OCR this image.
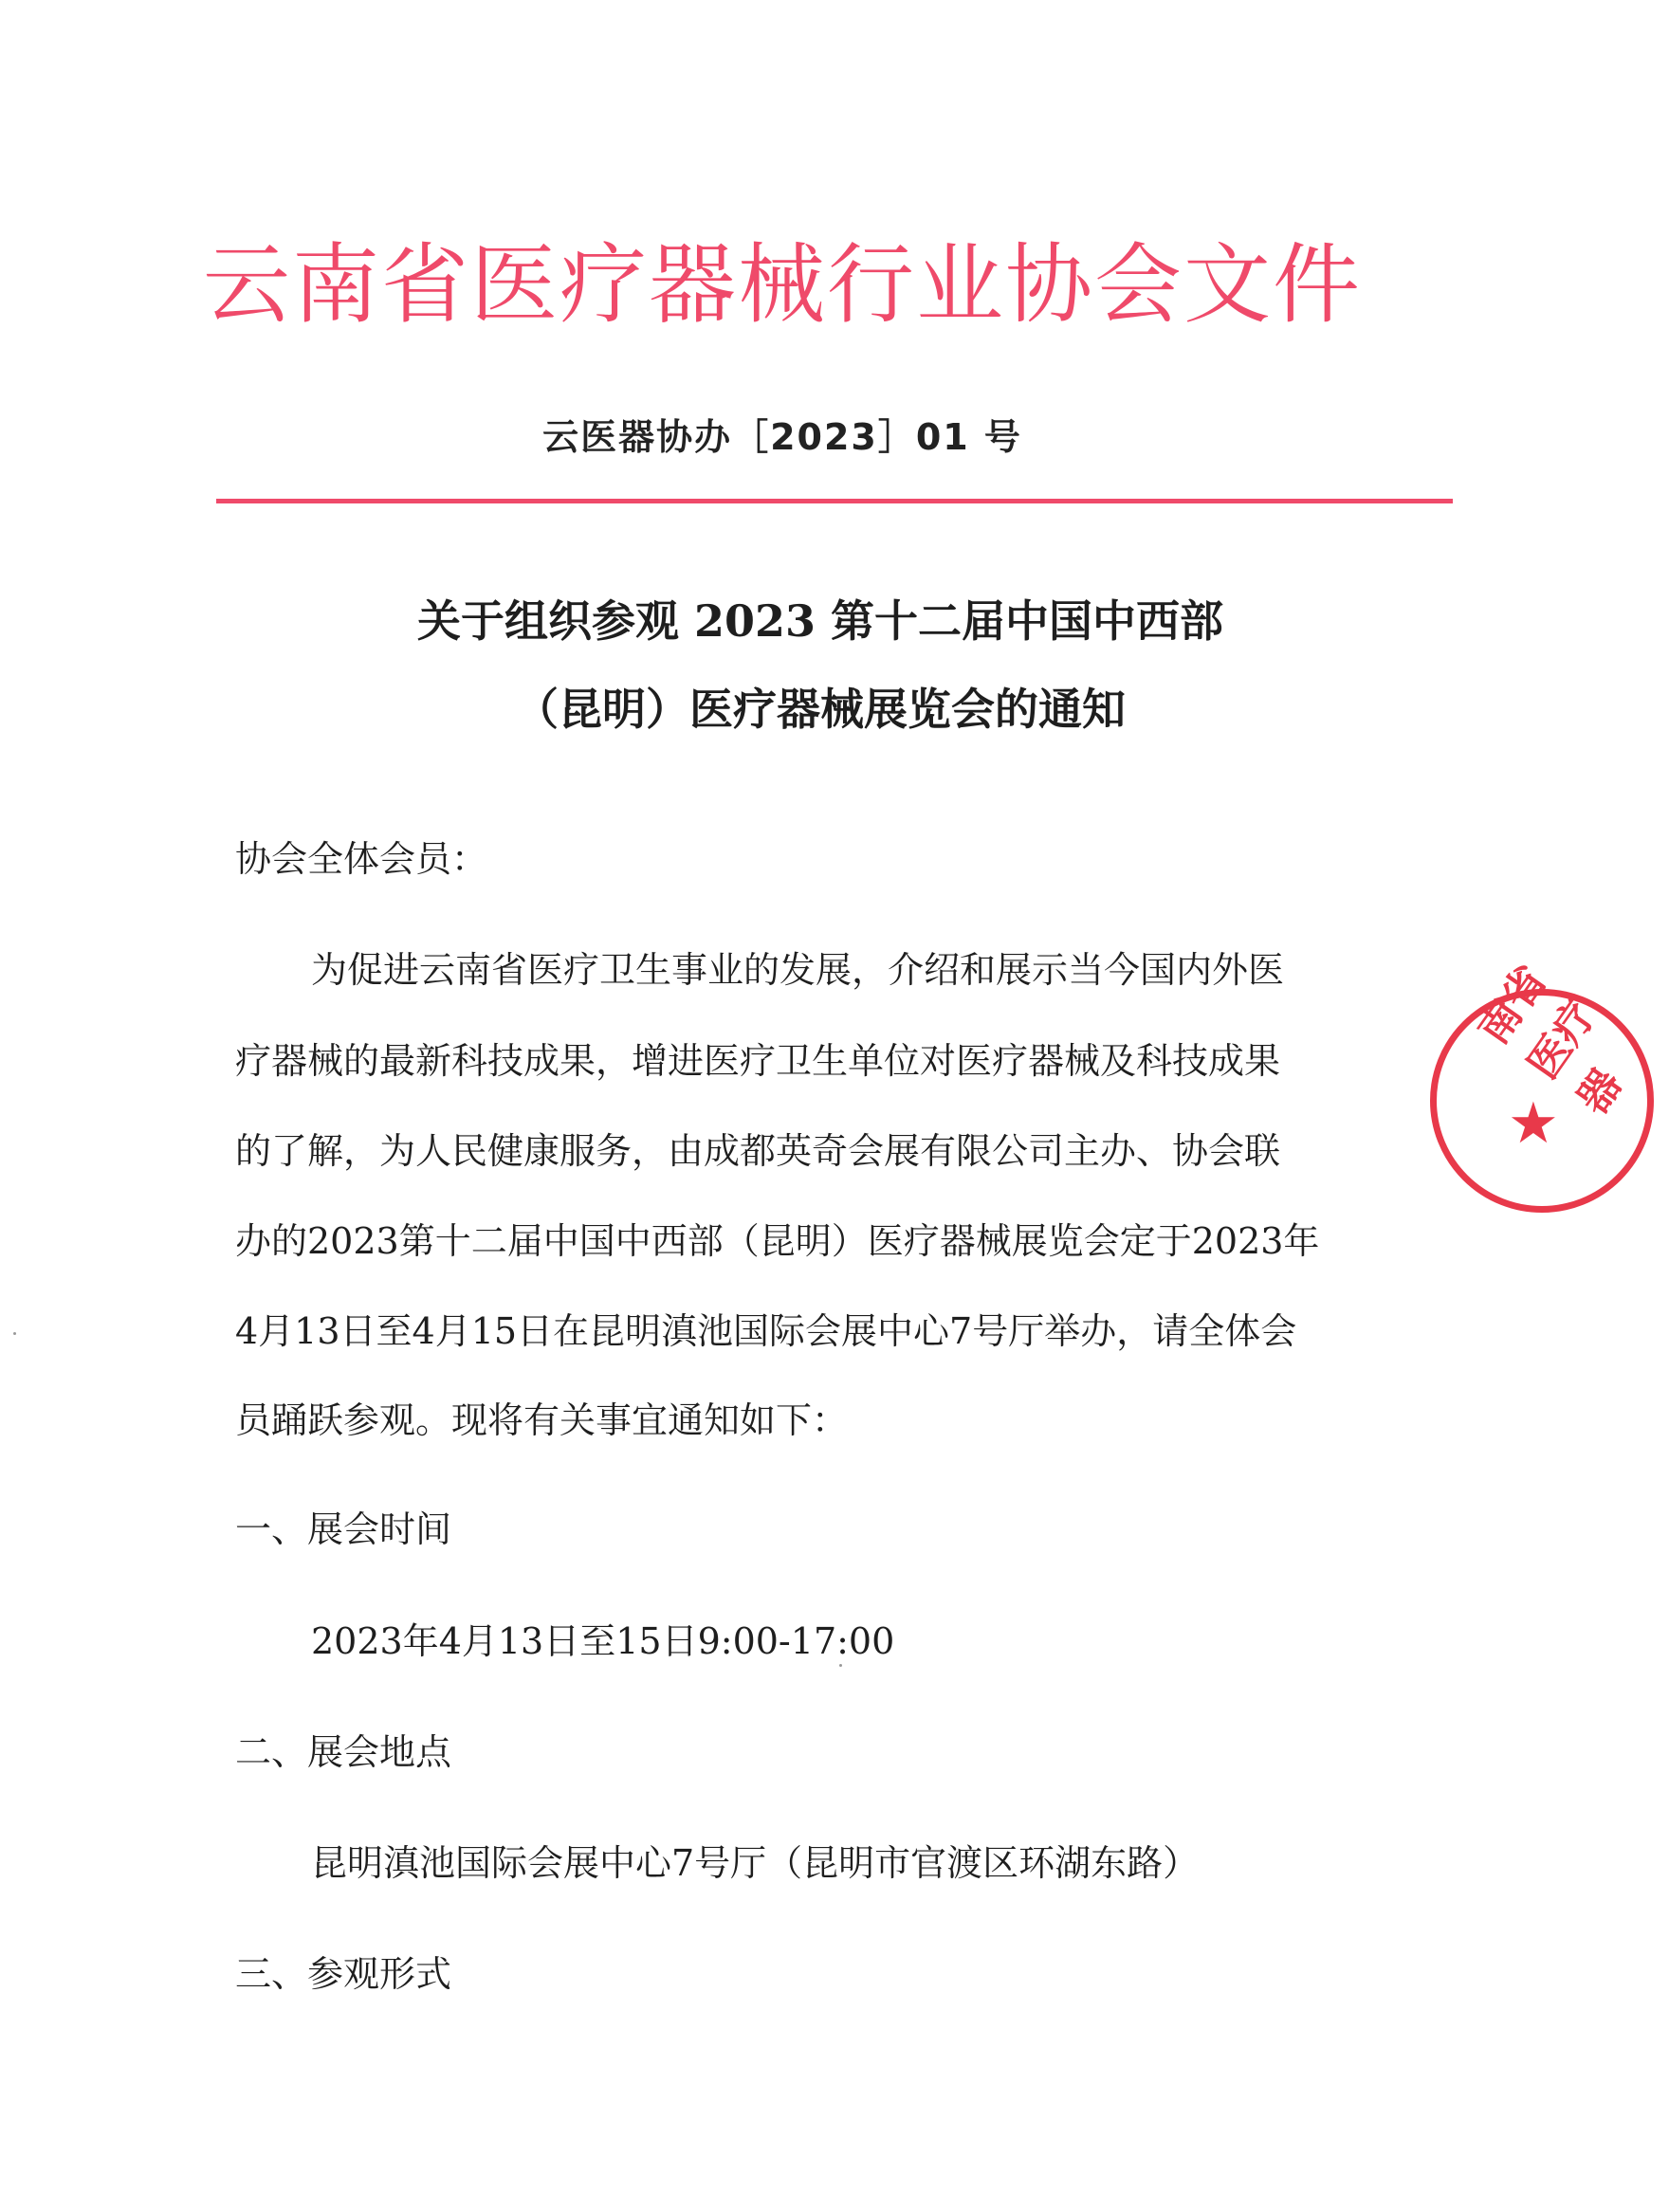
云南省医疗器械行业协会文件
云医器协办［2023］01 号
关于组织参观 2023 第十二届中国中西部
（昆明）医疗器械展览会的通知
协会全体会员：
为促进云南省医疗卫生事业的发展，介绍和展示当今国内外医
疗器械的最新科技成果，增进医疗卫生单位对医疗器械及科技成果
的了解，为人民健康服务，由成都英奇会展有限公司主办、协会联
办的2023第十二届中国中西部（昆明）医疗器械展览会定于2023年
4月13日至4月15日在昆明滇池国际会展中心7号厅举办，请全体会
员踊跃参观。现将有关事宜通知如下：
一、展会时间
2023年4月13日至15日9:00-17:00
二、展会地点
昆明滇池国际会展中心7号厅（昆明市官渡区环湖东路）
三、参观形式
南省医疗器
★
